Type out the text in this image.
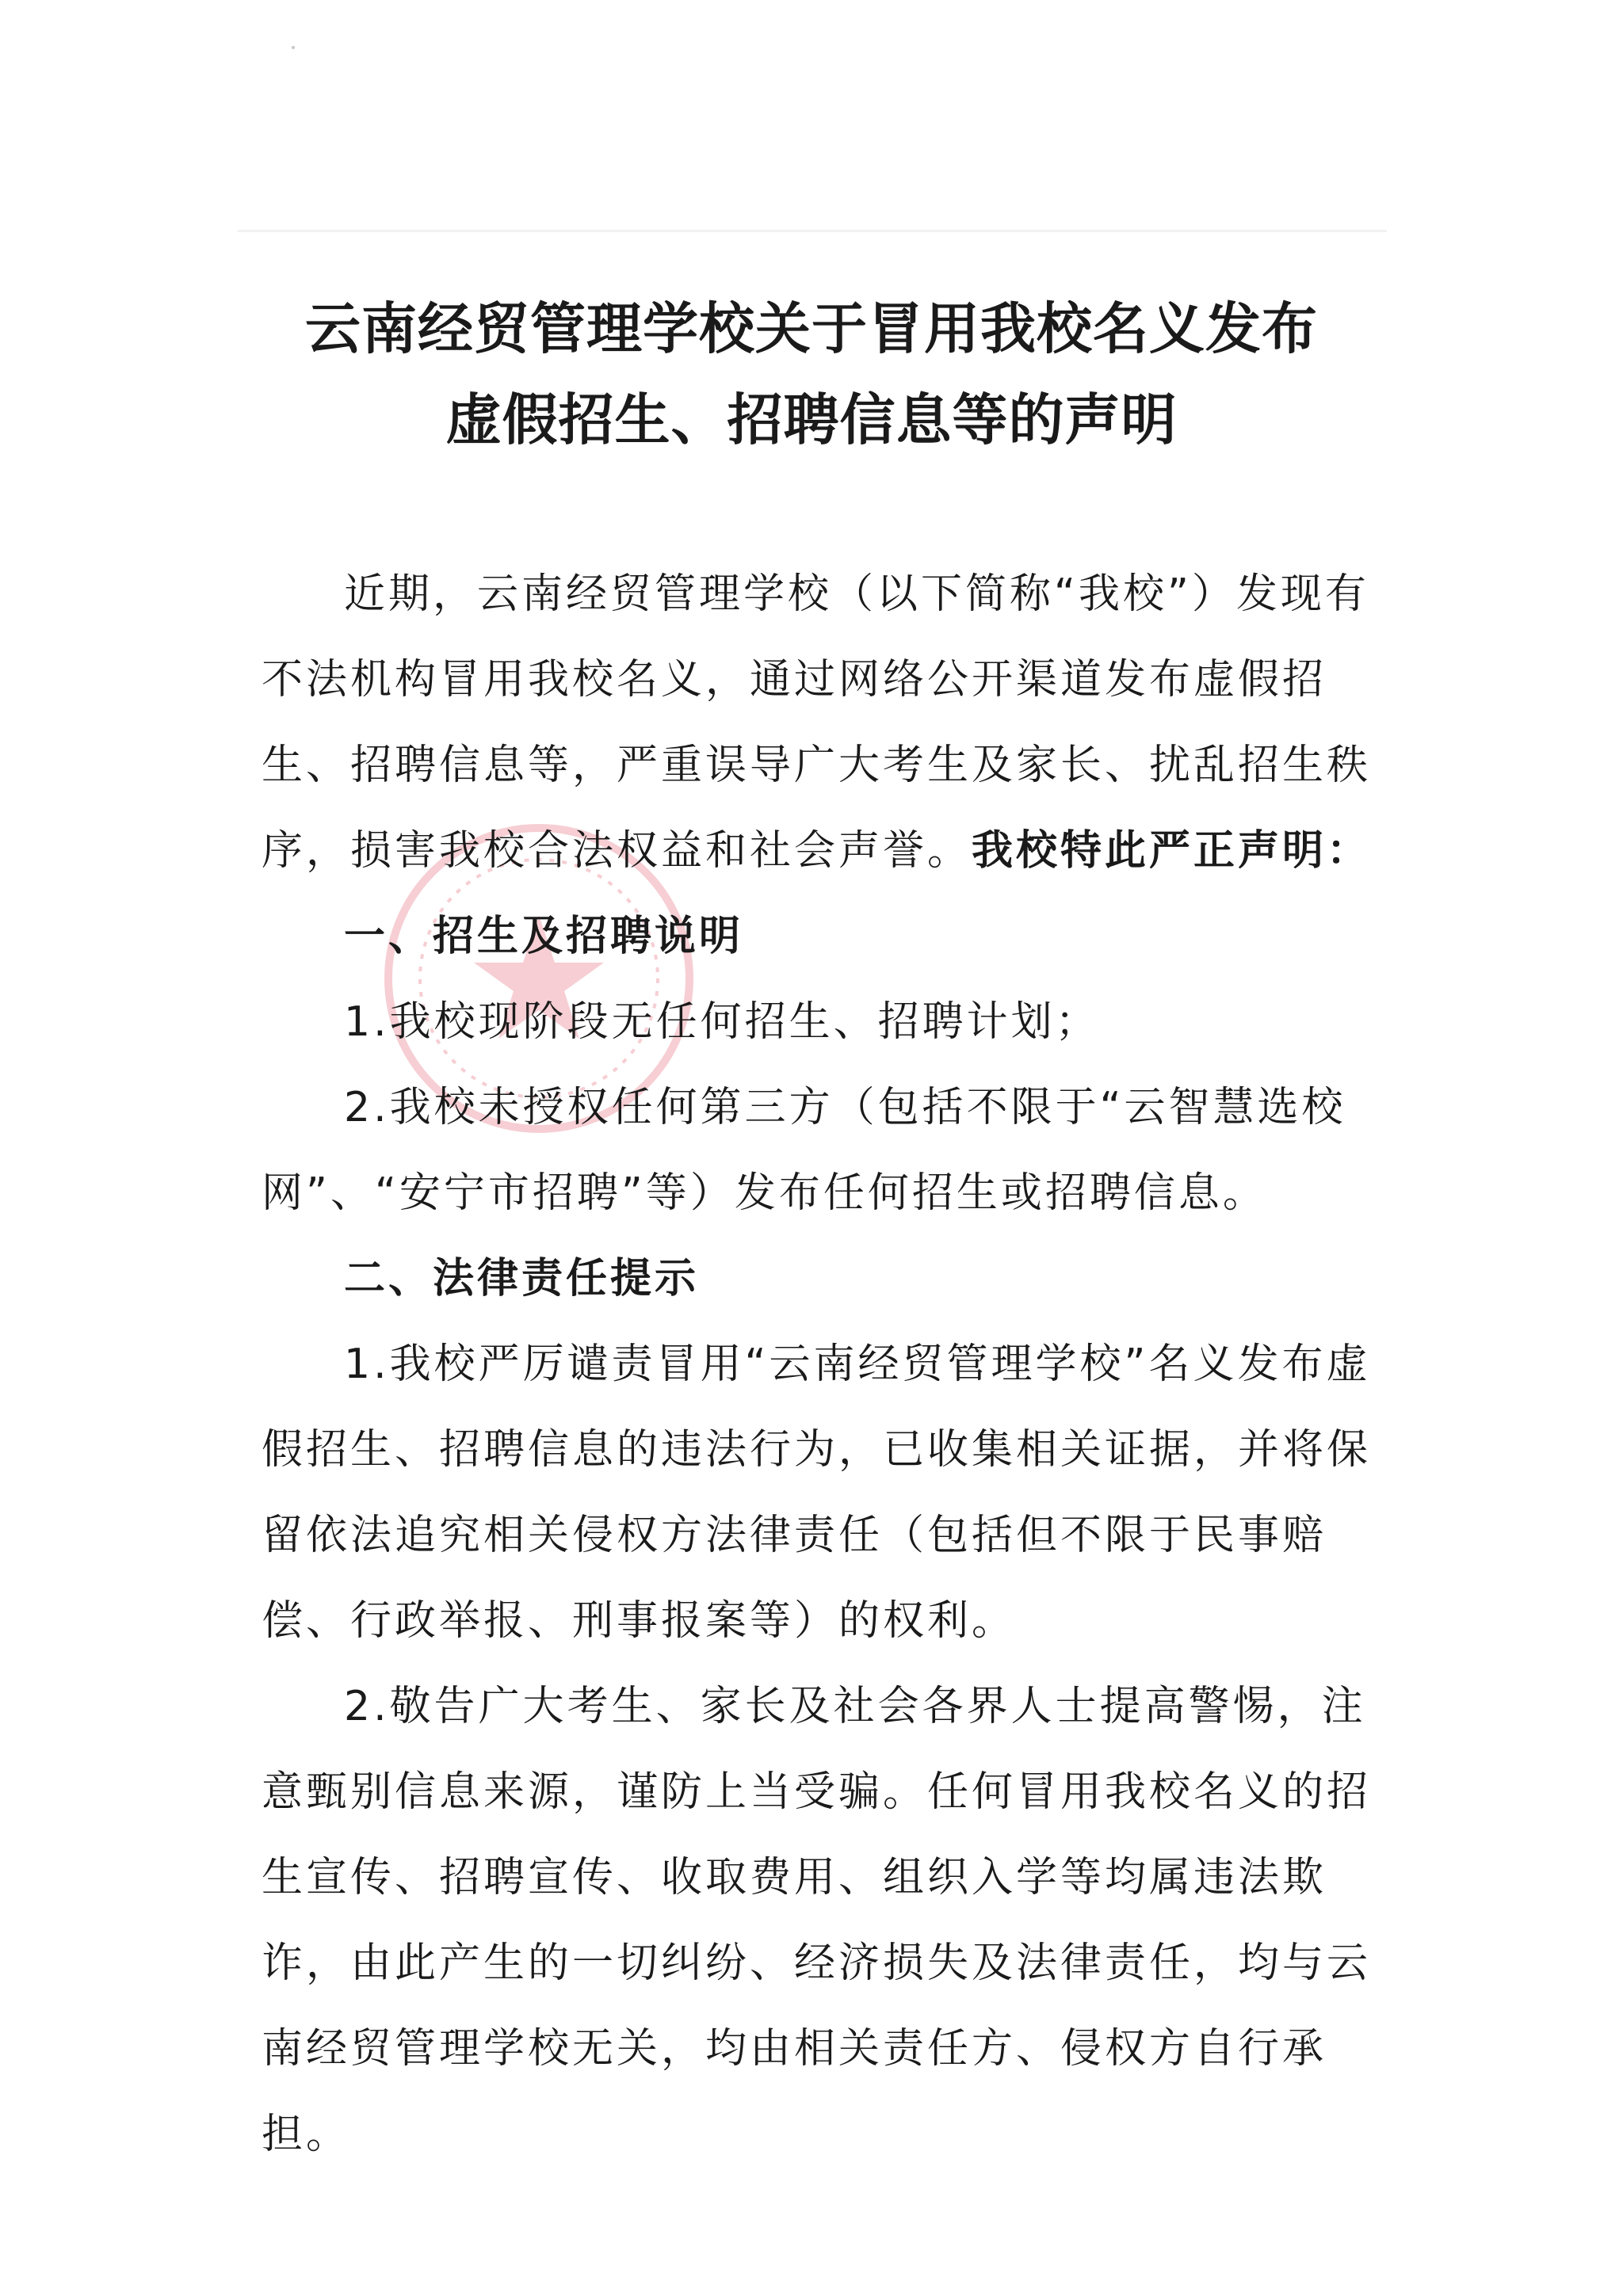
云南经贸管理学校关于冒用我校名义发布
虚假招生、招聘信息等的声明

近期，云南经贸管理学校（以下简称“我校”）发现有不法机构冒用我校名义，通过网络公开渠道发布虚假招生、招聘信息等，严重误导广大考生及家长、扰乱招生秩序，损害我校合法权益和社会声誉。我校特此严正声明：

一、招生及招聘说明

1.我校现阶段无任何招生、招聘计划；

2.我校未授权任何第三方（包括不限于“云智慧选校网”、“安宁市招聘”等）发布任何招生或招聘信息。

二、法律责任提示

1.我校严厉谴责冒用“云南经贸管理学校”名义发布虚假招生、招聘信息的违法行为，已收集相关证据，并将保留依法追究相关侵权方法律责任（包括但不限于民事赔偿、行政举报、刑事报案等）的权利。

2.敬告广大考生、家长及社会各界人士提高警惕，注意甄别信息来源，谨防上当受骗。任何冒用我校名义的招生宣传、招聘宣传、收取费用、组织入学等均属违法欺诈，由此产生的一切纠纷、经济损失及法律责任，均与云南经贸管理学校无关，均由相关责任方、侵权方自行承担。
